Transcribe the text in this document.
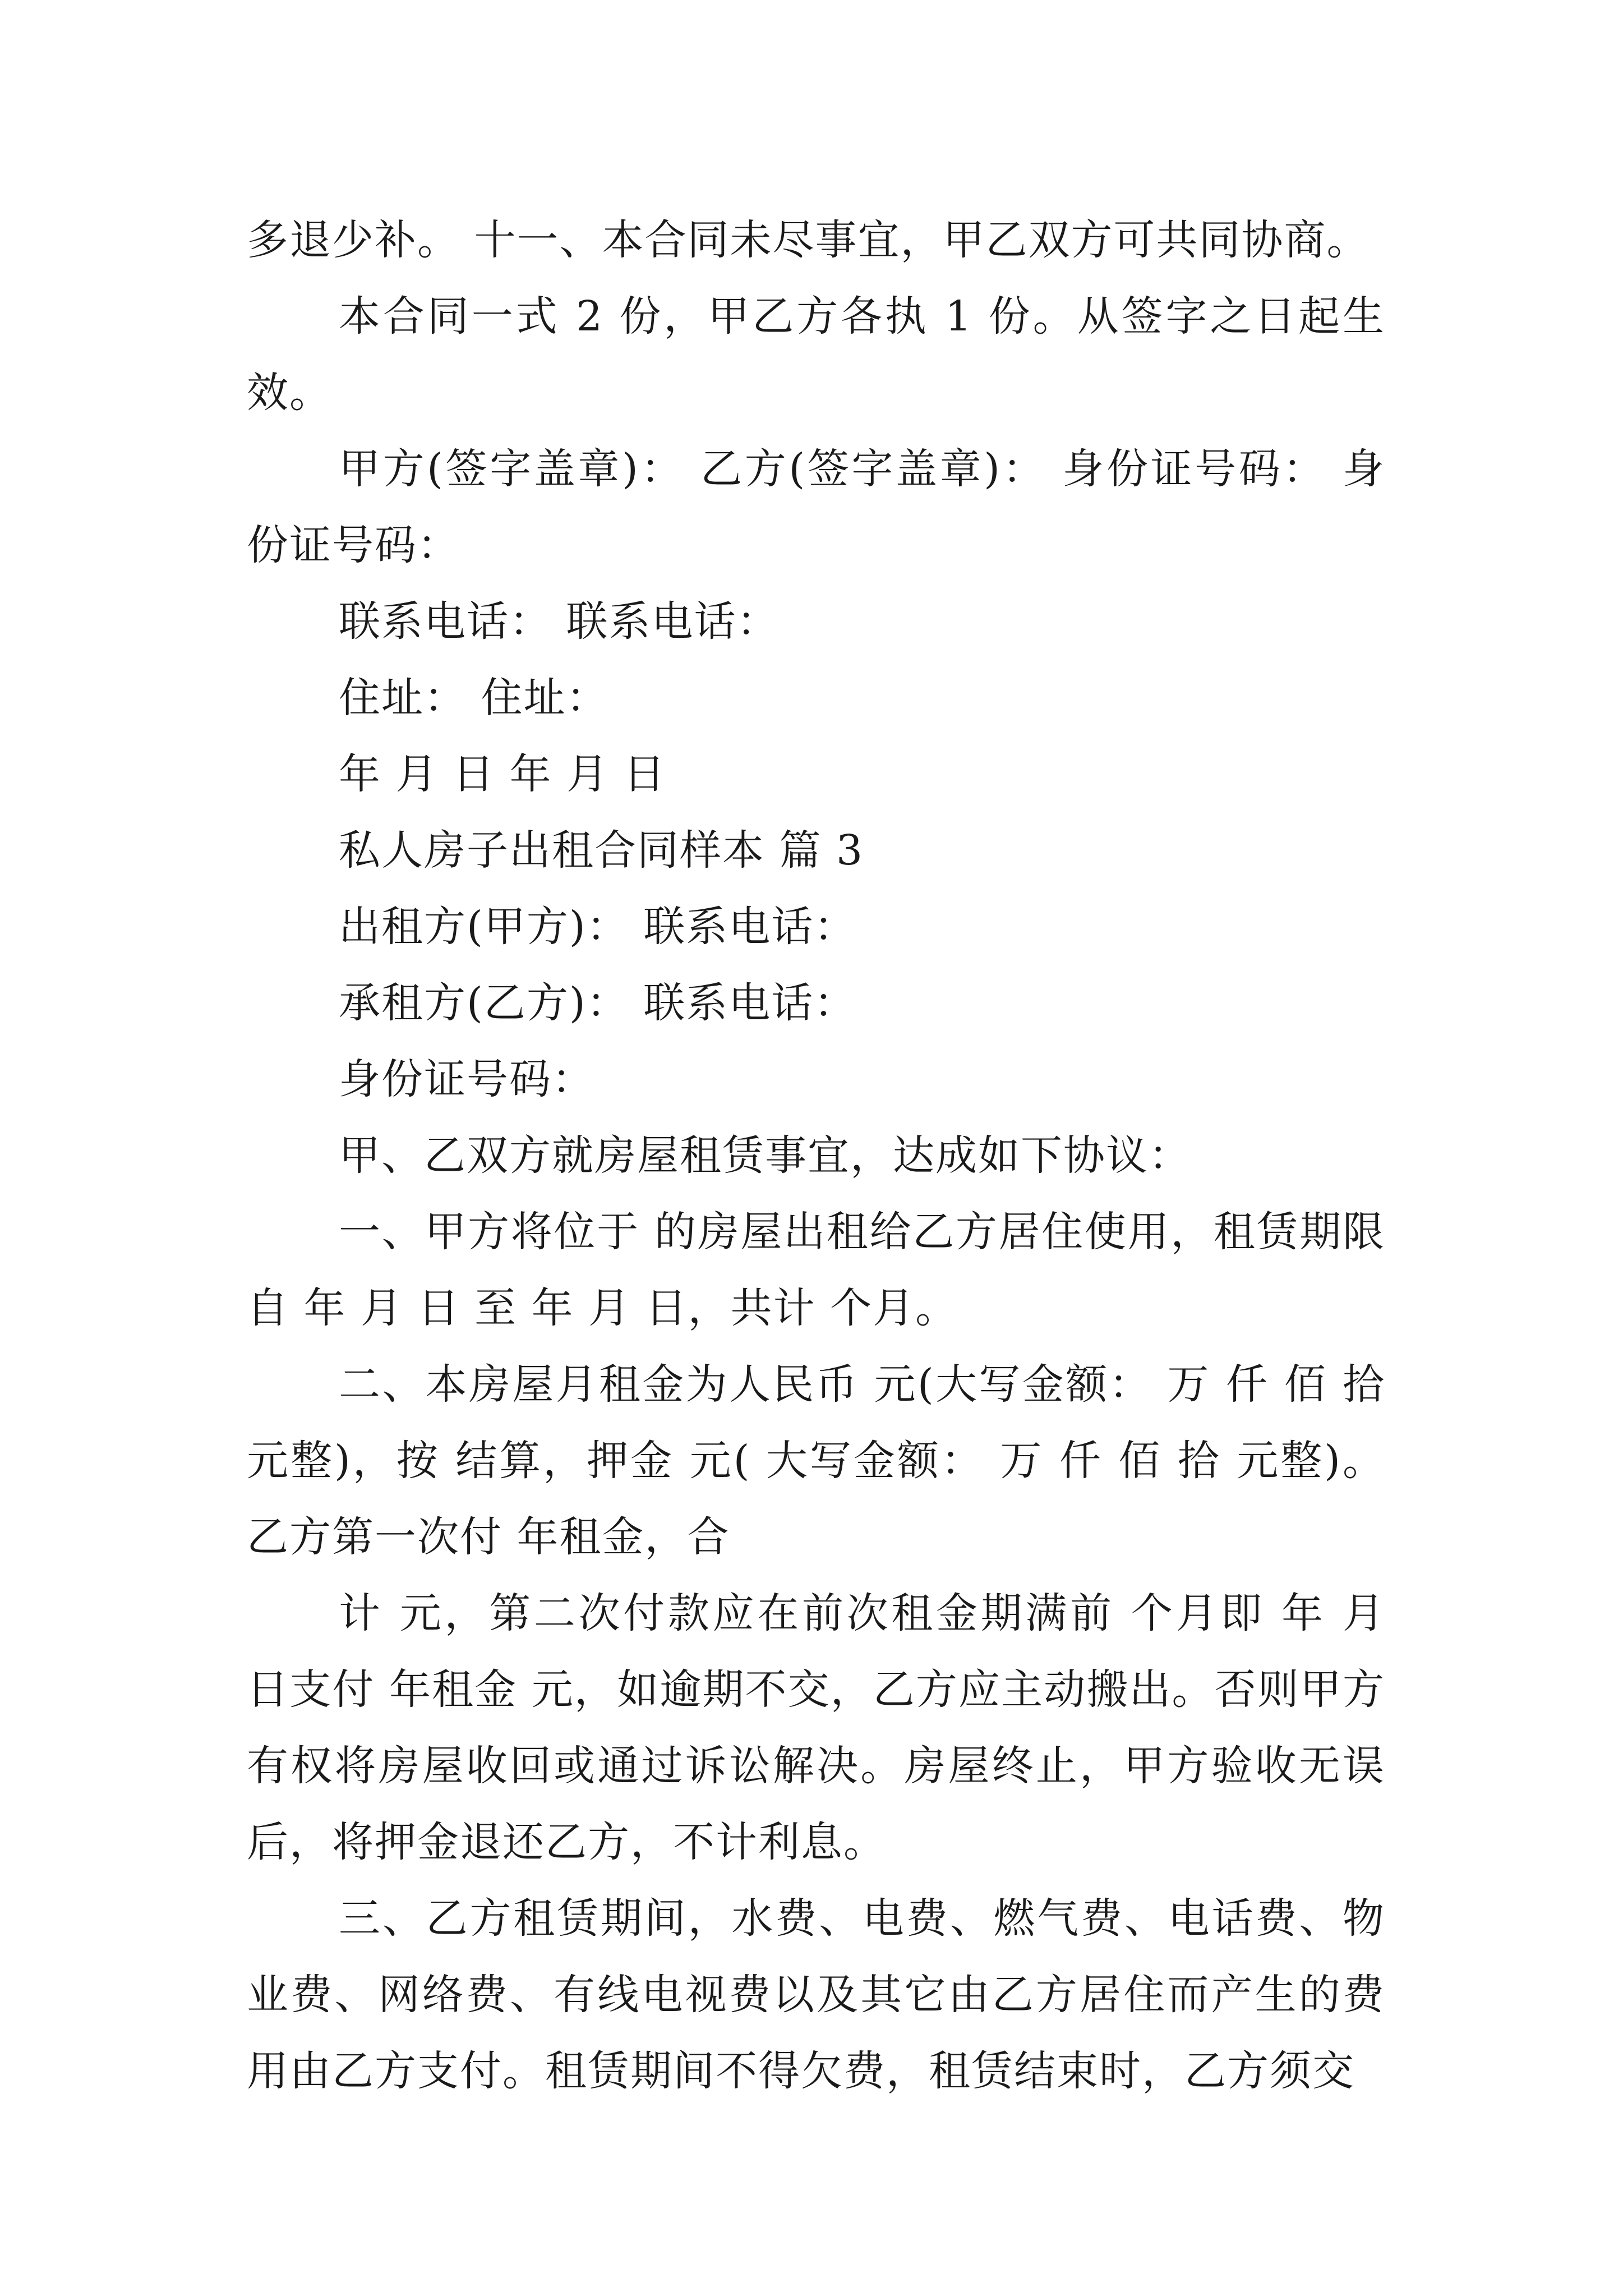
多退少补。 十一、本合同未尽事宜，甲乙双方可共同协商。

本合同一式 2 份，甲乙方各执 1 份。从签字之日起生效。

甲方(签字盖章)： 乙方(签字盖章)： 身份证号码： 身份证号码：

联系电话： 联系电话：

住址： 住址：

年 月 日 年 月 日

私人房子出租合同样本 篇 3

出租方(甲方)： 联系电话：

承租方(乙方)： 联系电话：

身份证号码：

甲、乙双方就房屋租赁事宜，达成如下协议：

一、甲方将位于 的房屋出租给乙方居住使用，租赁期限自 年 月 日 至 年 月 日，共计 个月。

二、本房屋月租金为人民币 元(大写金额： 万 仟 佰 拾 元整)，按 结算，押金 元( 大写金额： 万 仟 佰 拾 元整)。乙方第一次付 年租金，合

计 元，第二次付款应在前次租金期满前 个月即 年 月 日支付 年租金 元，如逾期不交，乙方应主动搬出。否则甲方有权将房屋收回或通过诉讼解决。房屋终止，甲方验收无误后，将押金退还乙方，不计利息。

三、乙方租赁期间，水费、电费、燃气费、电话费、物业费、网络费、有线电视费以及其它由乙方居住而产生的费用由乙方支付。租赁期间不得欠费，租赁结束时，乙方须交
